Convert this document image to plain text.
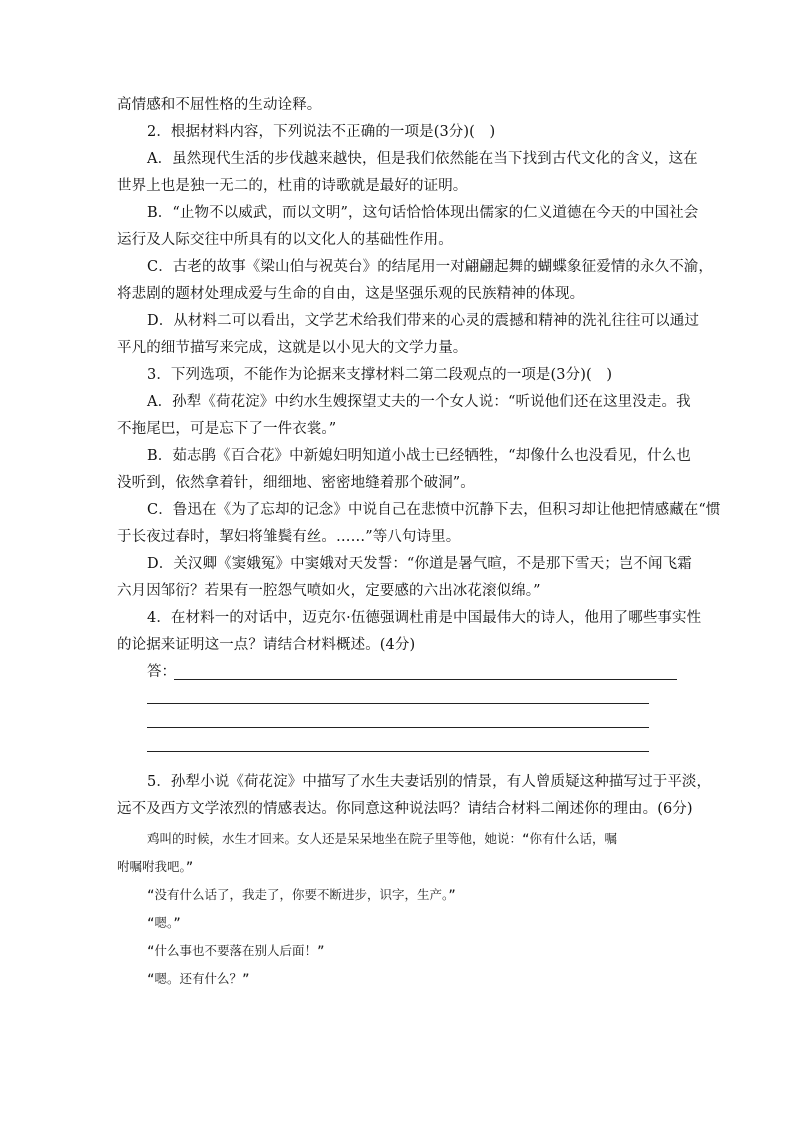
高情感和不屈性格的生动诠释。
2．根据材料内容，下列说法不正确的一项是(3分)(　)
A．虽然现代生活的步伐越来越快，但是我们依然能在当下找到古代文化的含义，这在
世界上也是独一无二的，杜甫的诗歌就是最好的证明。
B．“止物不以威武，而以文明”，这句话恰恰体现出儒家的仁义道德在今天的中国社会
运行及人际交往中所具有的以文化人的基础性作用。
C．古老的故事《梁山伯与祝英台》的结尾用一对翩翩起舞的蝴蝶象征爱情的永久不渝，
将悲剧的题材处理成爱与生命的自由，这是坚强乐观的民族精神的体现。
D．从材料二可以看出，文学艺术给我们带来的心灵的震撼和精神的洗礼往往可以通过
平凡的细节描写来完成，这就是以小见大的文学力量。
3．下列选项，不能作为论据来支撑材料二第二段观点的一项是(3分)(　)
A．孙犁《荷花淀》中约水生嫂探望丈夫的一个女人说：“听说他们还在这里没走。我
不拖尾巴，可是忘下了一件衣裳。”
B．茹志鹃《百合花》中新媳妇明知道小战士已经牺牲，“却像什么也没看见，什么也
没听到，依然拿着针，细细地、密密地缝着那个破洞”。
C．鲁迅在《为了忘却的记念》中说自己在悲愤中沉静下去，但积习却让他把情感藏在“惯
于长夜过春时，挈妇将雏鬓有丝。……”等八句诗里。
D．关汉卿《窦娥冤》中窦娥对天发誓：“你道是暑气暄，不是那下雪天；岂不闻飞霜
六月因邹衍？若果有一腔怨气喷如火，定要感的六出冰花滚似绵。”
4．在材料一的对话中，迈克尔·伍德强调杜甫是中国最伟大的诗人，他用了哪些事实性
的论据来证明这一点？请结合材料概述。(4分)
答：
5．孙犁小说《荷花淀》中描写了水生夫妻话别的情景，有人曾质疑这种描写过于平淡，
远不及西方文学浓烈的情感表达。你同意这种说法吗？请结合材料二阐述你的理由。(6分)
鸡叫的时候，水生才回来。女人还是呆呆地坐在院子里等他，她说：“你有什么话，嘱
咐嘱咐我吧。”
“没有什么话了，我走了，你要不断进步，识字，生产。”
“嗯。”
“什么事也不要落在别人后面！”
“嗯。还有什么？”
